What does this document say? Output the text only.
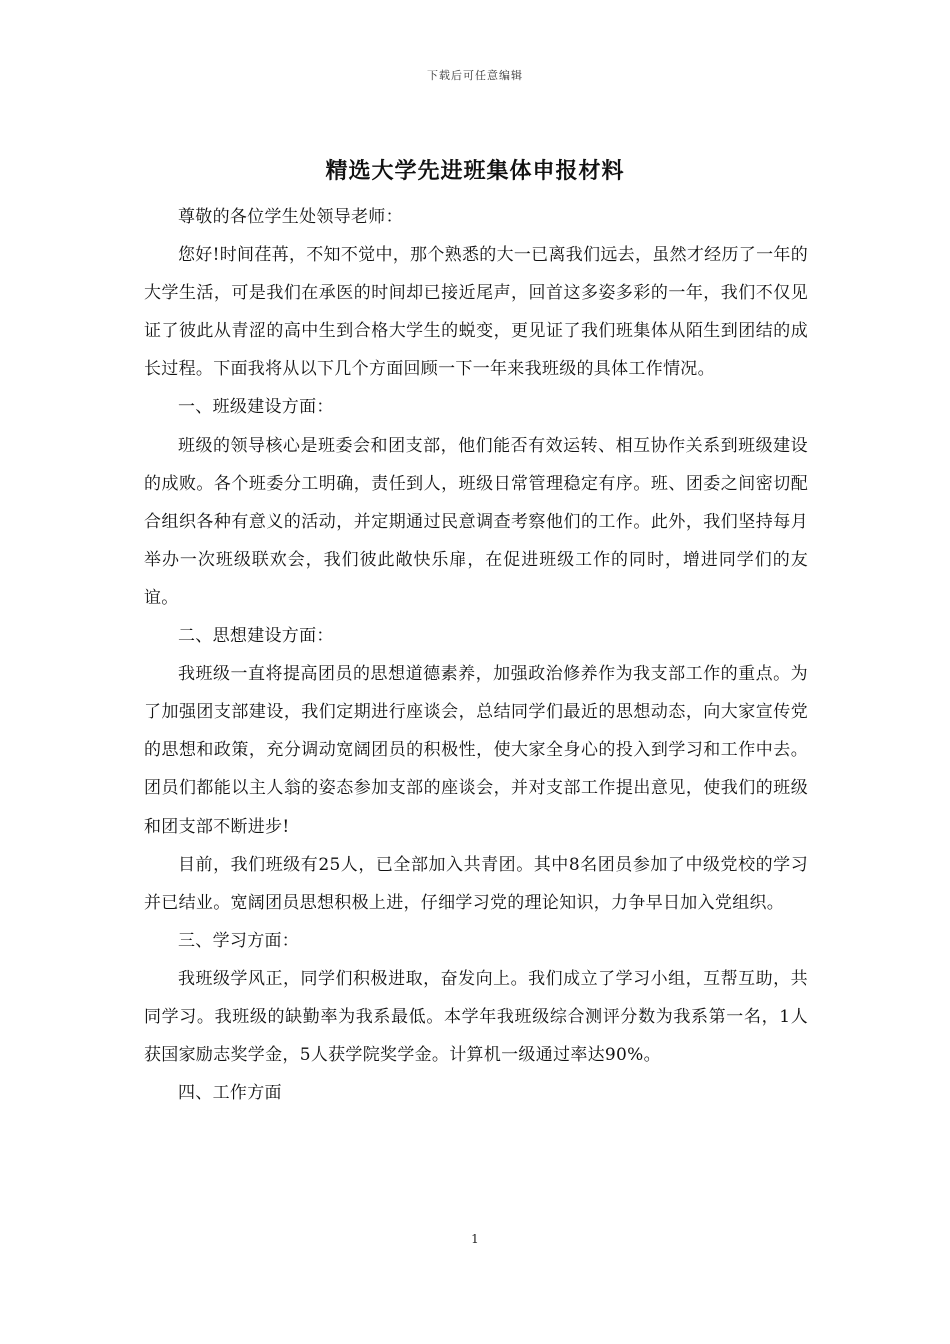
下载后可任意编辑
精选大学先进班集体申报材料

尊敬的各位学生处领导老师：

您好!时间荏苒，不知不觉中，那个熟悉的大一已离我们远去，虽然才经历了一年的大学生活，可是我们在承医的时间却已接近尾声，回首这多姿多彩的一年，我们不仅见证了彼此从青涩的高中生到合格大学生的蜕变，更见证了我们班集体从陌生到团结的成长过程。下面我将从以下几个方面回顾一下一年来我班级的具体工作情况。

一、班级建设方面：

班级的领导核心是班委会和团支部，他们能否有效运转、相互协作关系到班级建设的成败。各个班委分工明确，责任到人，班级日常管理稳定有序。班、团委之间密切配合组织各种有意义的活动，并定期通过民意调查考察他们的工作。此外，我们坚持每月举办一次班级联欢会，我们彼此敞快乐扉，在促进班级工作的同时，增进同学们的友谊。

二、思想建设方面：

我班级一直将提高团员的思想道德素养，加强政治修养作为我支部工作的重点。为了加强团支部建设，我们定期进行座谈会，总结同学们最近的思想动态，向大家宣传党的思想和政策，充分调动宽阔团员的积极性，使大家全身心的投入到学习和工作中去。团员们都能以主人翁的姿态参加支部的座谈会，并对支部工作提出意见，使我们的班级和团支部不断进步!

目前，我们班级有25人，已全部加入共青团。其中8名团员参加了中级党校的学习并已结业。宽阔团员思想积极上进，仔细学习党的理论知识，力争早日加入党组织。

三、学习方面：

我班级学风正，同学们积极进取，奋发向上。我们成立了学习小组，互帮互助，共同学习。我班级的缺勤率为我系最低。本学年我班级综合测评分数为我系第一名，1人获国家励志奖学金，5人获学院奖学金。计算机一级通过率达90%。

四、工作方面

1
